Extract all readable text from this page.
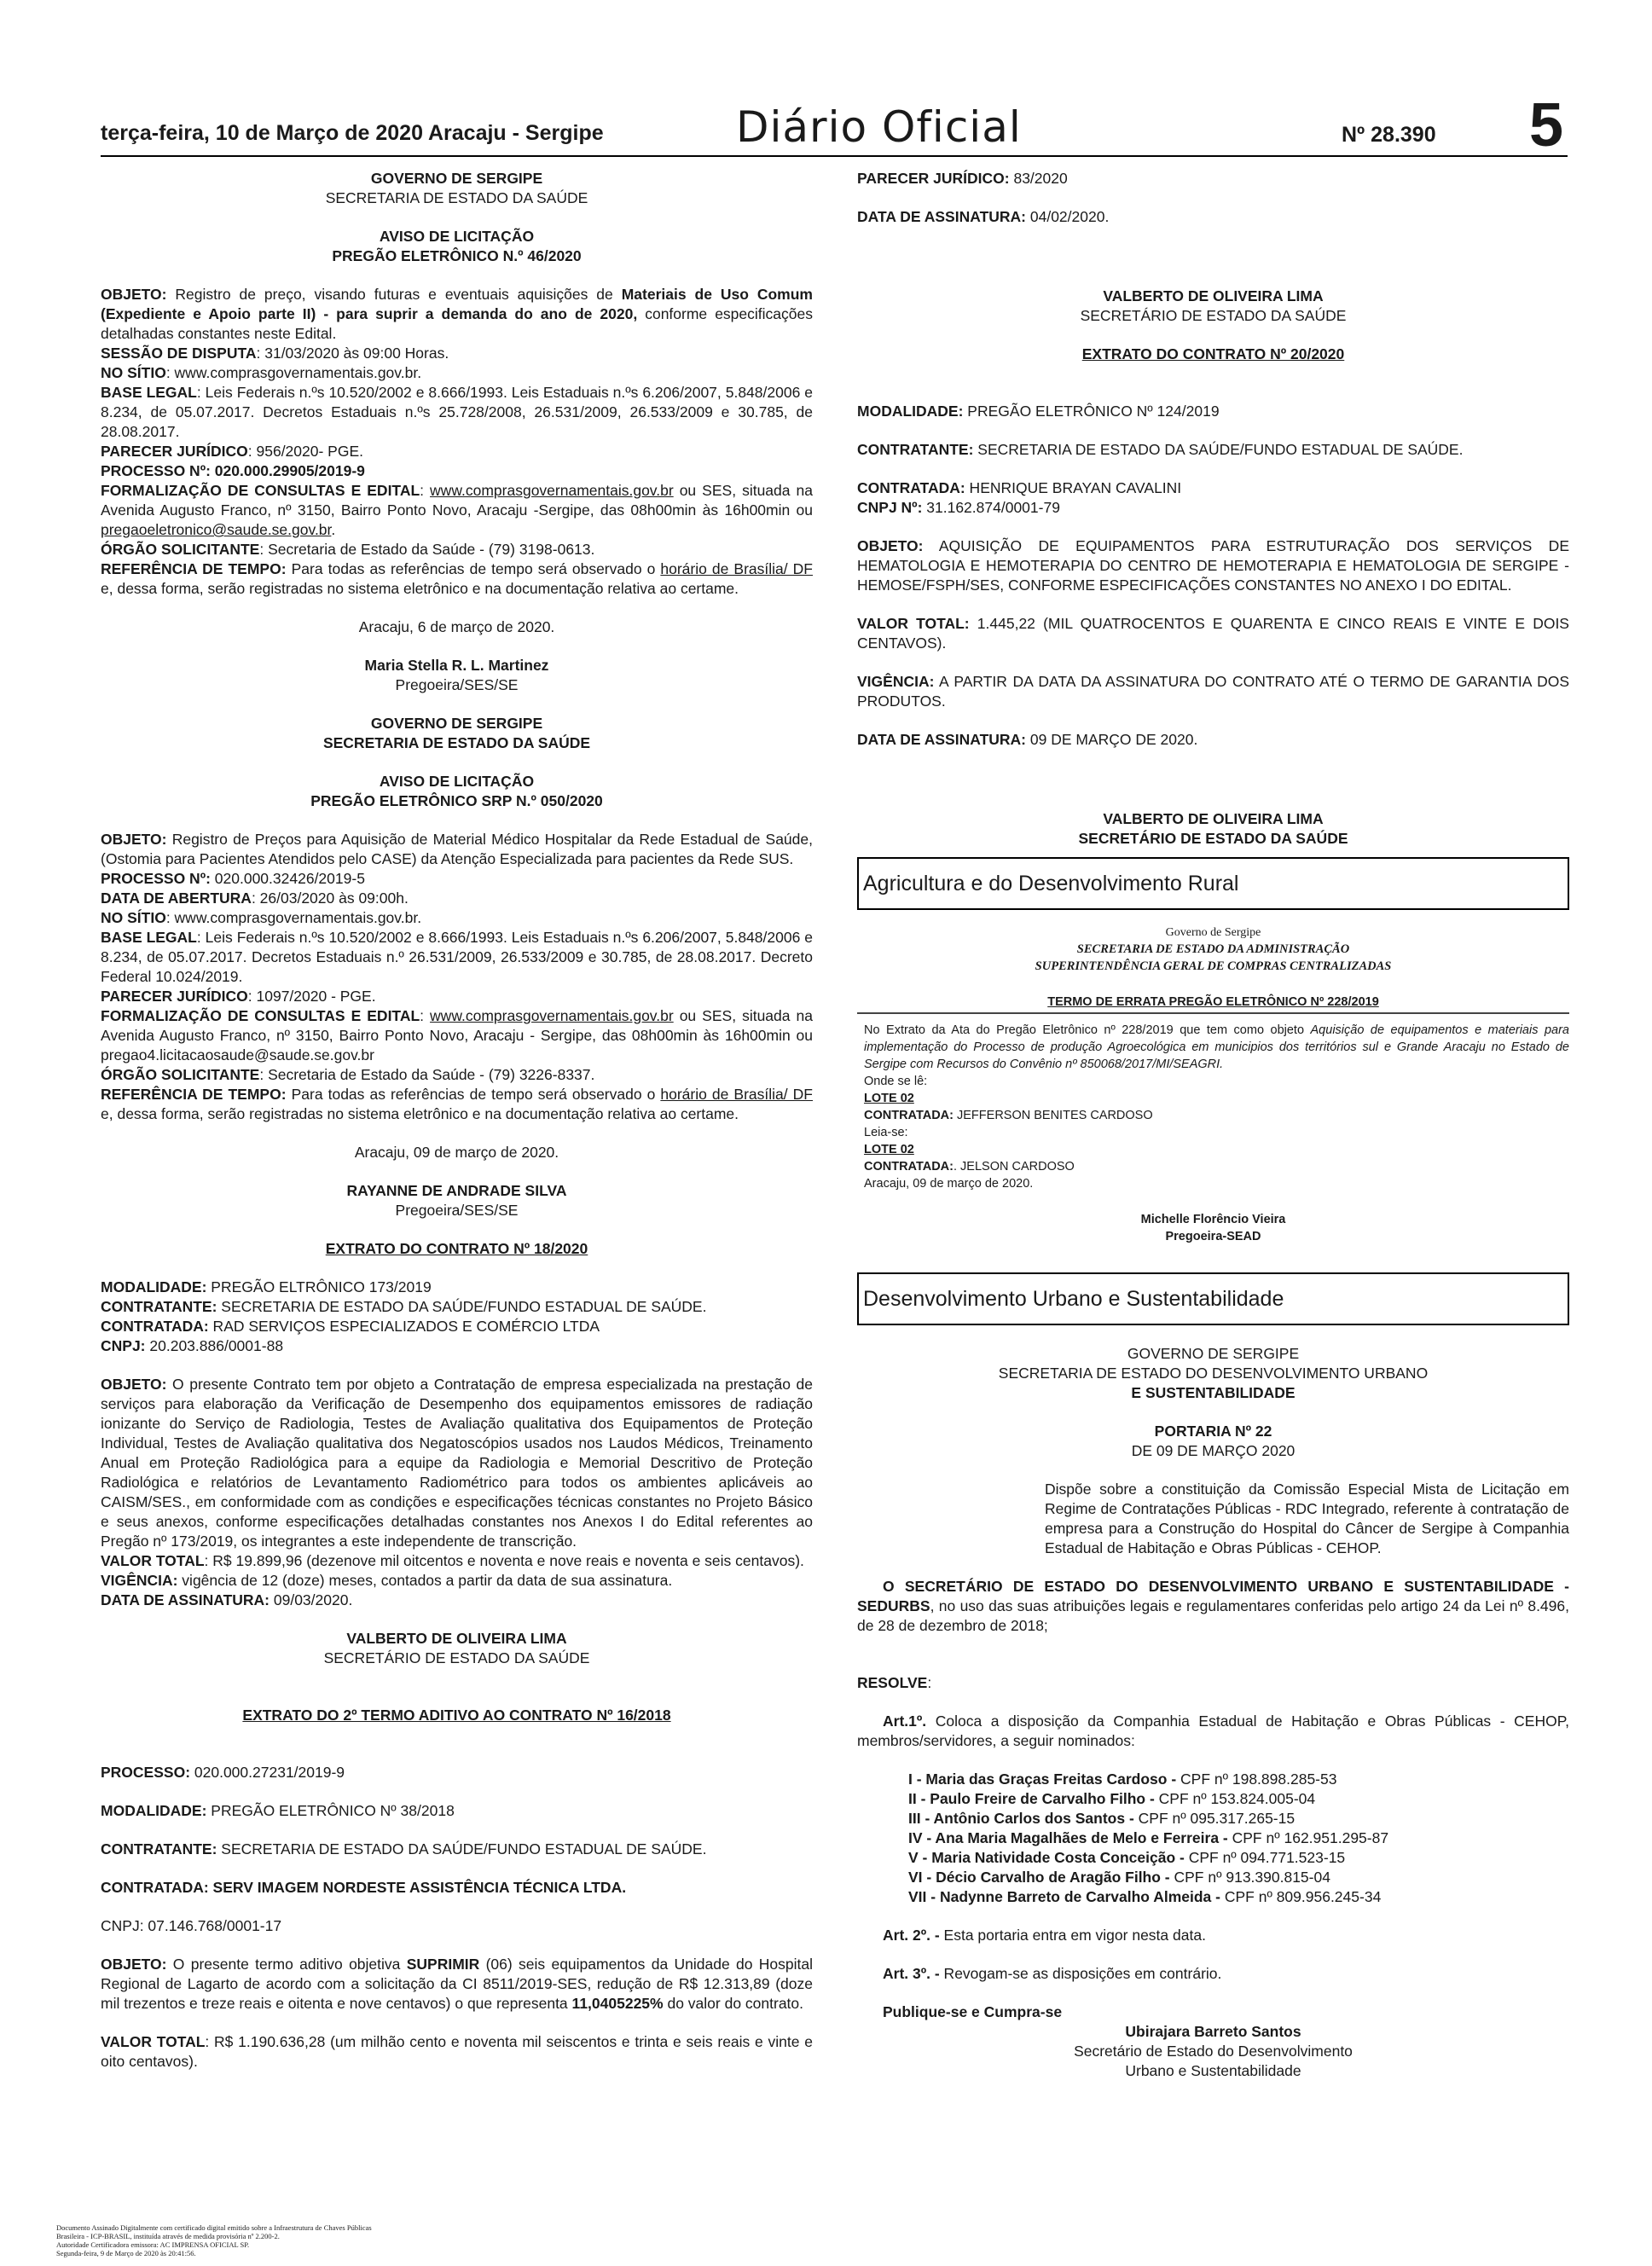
terça-feira, 10 de Março de 2020 Aracaju - Sergipe	Diário Oficial	Nº 28.390 5

GOVERNO DE SERGIPE

SECRETARIA DE ESTADO DA SAÚDE

AVISO DE LICITAÇÃO

PREGÃO ELETRÔNICO N.º 46/2020

OBJETO: Registro de preço, visando futuras e eventuais aquisições de Materiais de Uso Comum (Expediente e Apoio parte II) - para suprir a demanda do ano de 2020, conforme especificações detalhadas constantes neste Edital.

SESSÃO DE DISPUTA: 31/03/2020 às 09:00 Horas.

NO SÍTIO: www.comprasgovernamentais.gov.br.

BASE LEGAL: Leis Federais n.ºs 10.520/2002 e 8.666/1993. Leis Estaduais n.ºs 6.206/2007, 5.848/2006 e 8.234, de 05.07.2017. Decretos Estaduais n.ºs 25.728/2008, 26.531/2009, 26.533/2009 e 30.785, de 28.08.2017.

PARECER JURÍDICO: 956/2020- PGE.

PROCESSO Nº: 020.000.29905/2019-9

FORMALIZAÇÃO DE CONSULTAS E EDITAL: www.comprasgovernamentais.gov.br ou SES, situada na Avenida Augusto Franco, nº 3150, Bairro Ponto Novo, Aracaju -Sergipe, das 08h00min às 16h00min ou pregaoeletronico@saude.se.gov.br.

ÓRGÃO SOLICITANTE: Secretaria de Estado da Saúde - (79) 3198-0613.

REFERÊNCIA DE TEMPO: Para todas as referências de tempo será observado o horário de Brasília/ DF e, dessa forma, serão registradas no sistema eletrônico e na documentação relativa ao certame.

Aracaju, 6 de março de 2020.

Maria Stella R. L. Martinez

Pregoeira/SES/SE

GOVERNO DE SERGIPE

SECRETARIA DE ESTADO DA SAÚDE

AVISO DE LICITAÇÃO

PREGÃO ELETRÔNICO SRP N.º 050/2020

OBJETO: Registro de Preços para Aquisição de Material Médico Hospitalar da Rede Estadual de Saúde, (Ostomia para Pacientes Atendidos pelo CASE) da Atenção Especializada para pacientes da Rede SUS.

PROCESSO Nº: 020.000.32426/2019-5

DATA DE ABERTURA: 26/03/2020 às 09:00h.

NO SÍTIO: www.comprasgovernamentais.gov.br.

BASE LEGAL: Leis Federais n.ºs 10.520/2002 e 8.666/1993. Leis Estaduais n.ºs 6.206/2007, 5.848/2006 e 8.234, de 05.07.2017. Decretos Estaduais n.º 26.531/2009, 26.533/2009 e 30.785, de 28.08.2017. Decreto Federal 10.024/2019.

PARECER JURÍDICO: 1097/2020 - PGE.

FORMALIZAÇÃO DE CONSULTAS E EDITAL: www.comprasgovernamentais.gov.br ou SES, situada na Avenida Augusto Franco, nº 3150, Bairro Ponto Novo, Aracaju - Sergipe, das 08h00min às 16h00min ou pregao4.licitacaosaude@saude.se.gov.br

ÓRGÃO SOLICITANTE: Secretaria de Estado da Saúde - (79) 3226-8337.

REFERÊNCIA DE TEMPO: Para todas as referências de tempo será observado o horário de Brasília/ DF e, dessa forma, serão registradas no sistema eletrônico e na documentação relativa ao certame.

Aracaju, 09 de março de 2020.

RAYANNE DE ANDRADE SILVA

Pregoeira/SES/SE

EXTRATO DO CONTRATO Nº 18/2020

MODALIDADE: PREGÃO ELTRÔNICO 173/2019

CONTRATANTE: SECRETARIA DE ESTADO DA SAÚDE/FUNDO ESTADUAL DE SAÚDE.

CONTRATADA: RAD SERVIÇOS ESPECIALIZADOS E COMÉRCIO LTDA

CNPJ: 20.203.886/0001-88

OBJETO: O presente Contrato tem por objeto a Contratação de empresa especializada na prestação de serviços para elaboração da Verificação de Desempenho dos equipamentos emissores de radiação ionizante do Serviço de Radiologia, Testes de Avaliação qualitativa dos Equipamentos de Proteção Individual, Testes de Avaliação qualitativa dos Negatoscópios usados nos Laudos Médicos, Treinamento Anual em Proteção Radiológica para a equipe da Radiologia e Memorial Descritivo de Proteção Radiológica e relatórios de Levantamento Radiométrico para todos os ambientes aplicáveis ao CAISM/SES., em conformidade com as condições e especificações técnicas constantes no Projeto Básico e seus anexos, conforme especificações detalhadas constantes nos Anexos I do Edital referentes ao Pregão nº 173/2019, os integrantes a este independente de transcrição.

VALOR TOTAL: R$ 19.899,96 (dezenove mil oitcentos e noventa e nove reais e noventa e seis centavos).

VIGÊNCIA: vigência de 12 (doze) meses, contados a partir da data de sua assinatura.

DATA DE ASSINATURA: 09/03/2020.

VALBERTO DE OLIVEIRA LIMA

SECRETÁRIO DE ESTADO DA SAÚDE

EXTRATO DO 2º TERMO ADITIVO AO CONTRATO Nº 16/2018

PROCESSO: 020.000.27231/2019-9

MODALIDADE: PREGÃO ELETRÔNICO Nº 38/2018

CONTRATANTE: SECRETARIA DE ESTADO DA SAÚDE/FUNDO ESTADUAL DE SAÚDE.

CONTRATADA: SERV IMAGEM NORDESTE ASSISTÊNCIA TÉCNICA LTDA.

CNPJ: 07.146.768/0001-17

OBJETO: O presente termo aditivo objetiva SUPRIMIR (06) seis equipamentos da Unidade do Hospital Regional de Lagarto de acordo com a solicitação da CI 8511/2019-SES, redução de R$ 12.313,89 (doze mil trezentos e treze reais e oitenta e nove centavos) o que representa 11,0405225% do valor do contrato.

VALOR TOTAL: R$ 1.190.636,28 (um milhão cento e noventa mil seiscentos e trinta e seis reais e vinte e oito centavos).

PARECER JURÍDICO: 83/2020

DATA DE ASSINATURA: 04/02/2020.

VALBERTO DE OLIVEIRA LIMA

SECRETÁRIO DE ESTADO DA SAÚDE

EXTRATO DO CONTRATO Nº 20/2020

MODALIDADE: PREGÃO ELETRÔNICO Nº 124/2019

CONTRATANTE: SECRETARIA DE ESTADO DA SAÚDE/FUNDO ESTADUAL DE SAÚDE.

CONTRATADA: HENRIQUE BRAYAN CAVALINI

CNPJ Nº: 31.162.874/0001-79

OBJETO: AQUISIÇÃO DE EQUIPAMENTOS PARA ESTRUTURAÇÃO DOS SERVIÇOS DE HEMATOLOGIA E HEMOTERAPIA DO CENTRO DE HEMOTERAPIA E HEMATOLOGIA DE SERGIPE - HEMOSE/FSPH/SES, CONFORME ESPECIFICAÇÕES CONSTANTES NO ANEXO I DO EDITAL.

VALOR TOTAL: 1.445,22 (MIL QUATROCENTOS E QUARENTA E CINCO REAIS E VINTE E DOIS CENTAVOS).

VIGÊNCIA: A PARTIR DA DATA DA ASSINATURA DO CONTRATO ATÉ O TERMO DE GARANTIA DOS PRODUTOS.

DATA DE ASSINATURA: 09 DE MARÇO DE 2020.

VALBERTO DE OLIVEIRA LIMA

SECRETÁRIO DE ESTADO DA SAÚDE

Agricultura e do Desenvolvimento Rural

Governo de Sergipe

SECRETARIA DE ESTADO DA ADMINISTRAÇÃO

SUPERINTENDÊNCIA GERAL DE COMPRAS CENTRALIZADAS

TERMO DE ERRATA PREGÃO ELETRÔNICO Nº 228/2019

No Extrato da Ata do Pregão Eletrônico nº 228/2019 que tem como objeto Aquisição de equipamentos e materiais para implementação do Processo de produção Agroecológica em municipios dos territórios sul e Grande Aracaju no Estado de Sergipe com Recursos do Convênio nº 850068/2017/MI/SEAGRI.

Onde se lê:

LOTE 02

CONTRATADA: JEFFERSON BENITES CARDOSO

Leia-se:

LOTE 02

CONTRATADA:. JELSON CARDOSO

Aracaju, 09 de março de 2020.

Michelle Florêncio Vieira

Pregoeira-SEAD

Desenvolvimento Urbano e Sustentabilidade

GOVERNO DE SERGIPE

SECRETARIA DE ESTADO DO DESENVOLVIMENTO URBANO

E SUSTENTABILIDADE

PORTARIA Nº 22

DE 09 DE MARÇO 2020

Dispõe sobre a constituição da Comissão Especial Mista de Licitação em Regime de Contratações Públicas - RDC Integrado, referente à contratação de empresa para a Construção do Hospital do Câncer de Sergipe à Companhia Estadual de Habitação e Obras Públicas - CEHOP.

O SECRETÁRIO DE ESTADO DO DESENVOLVIMENTO URBANO E SUSTENTABILIDADE - SEDURBS, no uso das suas atribuições legais e regulamentares conferidas pelo artigo 24 da Lei nº 8.496, de 28 de dezembro de 2018;

RESOLVE:

Art.1º. Coloca a disposição da Companhia Estadual de Habitação e Obras Públicas - CEHOP, membros/servidores, a seguir nominados:

I - Maria das Graças Freitas Cardoso - CPF nº 198.898.285-53

II - Paulo Freire de Carvalho Filho - CPF nº 153.824.005-04

III - Antônio Carlos dos Santos - CPF nº 095.317.265-15

IV - Ana Maria Magalhães de Melo e Ferreira - CPF nº 162.951.295-87

V - Maria Natividade Costa Conceição - CPF nº 094.771.523-15

VI - Décio Carvalho de Aragão Filho - CPF nº 913.390.815-04

VII - Nadynne Barreto de Carvalho Almeida - CPF nº 809.956.245-34

Art. 2º. - Esta portaria entra em vigor nesta data.

Art. 3º. - Revogam-se as disposições em contrário.

Publique-se e Cumpra-se

Ubirajara Barreto Santos

Secretário de Estado do Desenvolvimento

Urbano e Sustentabilidade

Documento Assinado Digitalmente com certificado digital emitido sobre a Infraestrutura de Chaves Públicas
Brasileira - ICP-BRASIL, instituída através de medida provisória nº 2.200-2.
Autoridade Certificadora emissora: AC IMPRENSA OFICIAL SP.
Segunda-feira, 9 de Março de 2020 às 20:41:56.
